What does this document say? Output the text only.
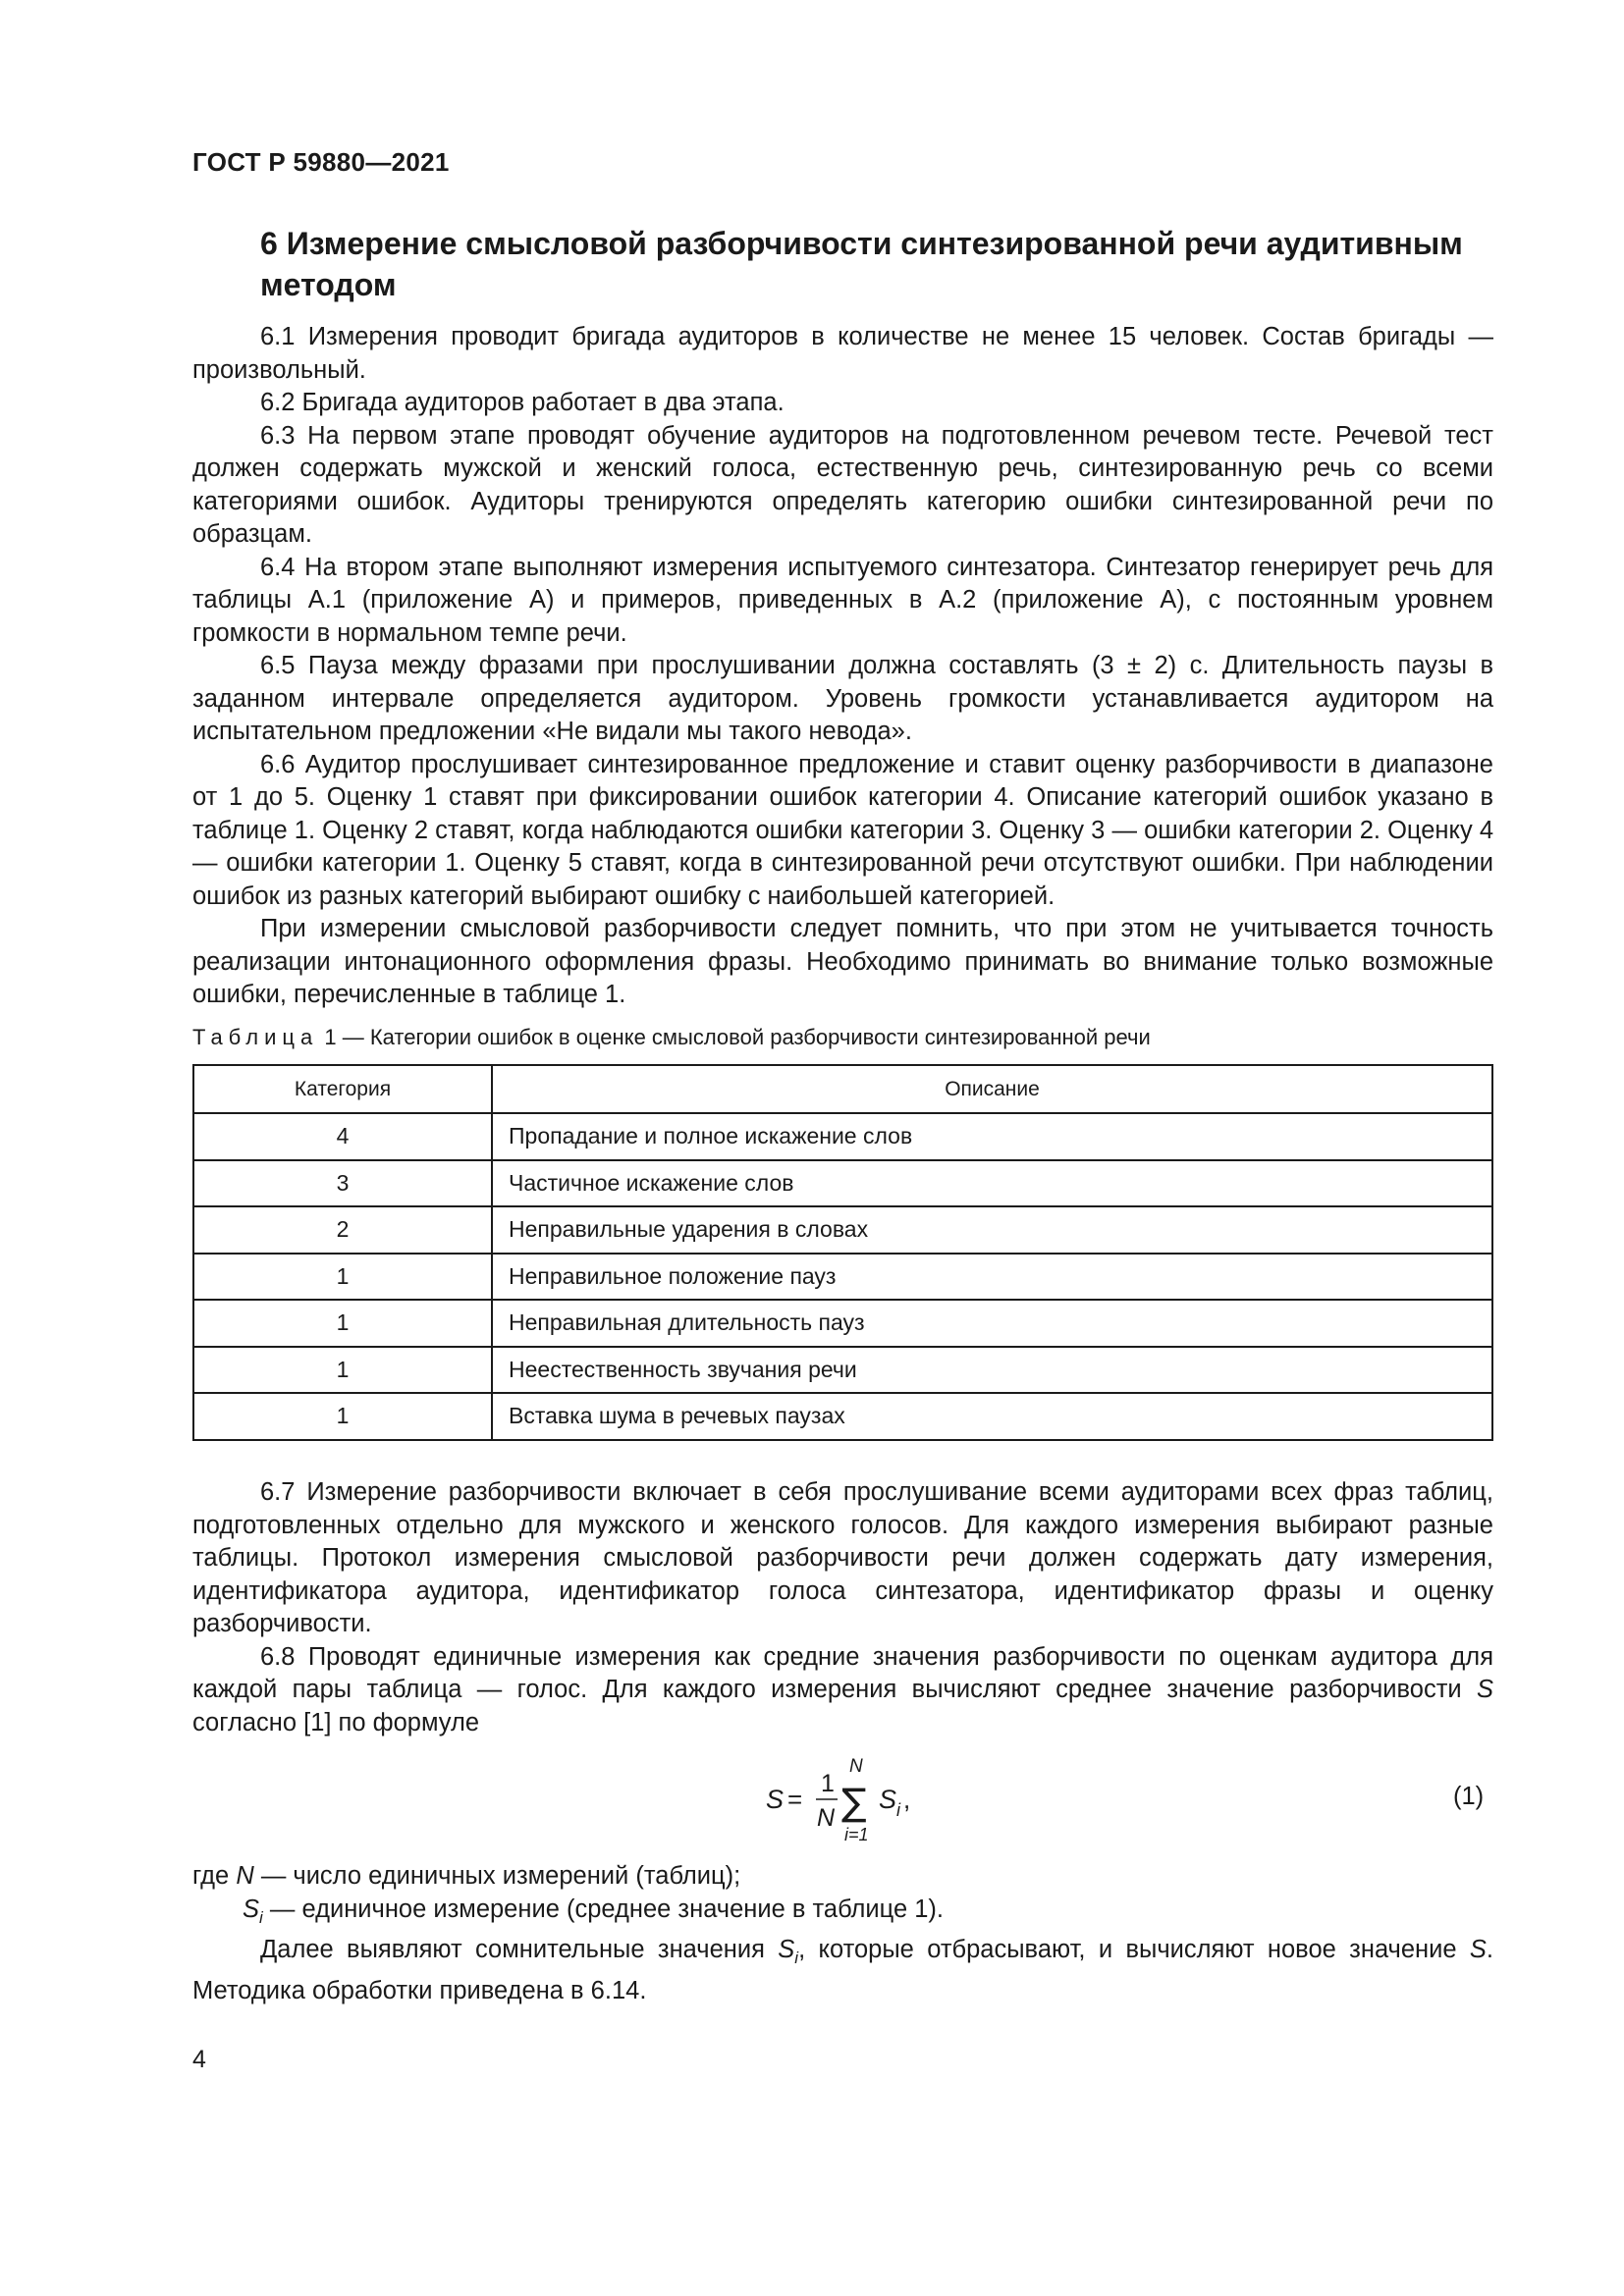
ГОСТ Р 59880—2021
6 Измерение смысловой разборчивости синтезированной речи аудитивным методом

6.1 Измерения проводит бригада аудиторов в количестве не менее 15 человек. Состав бригады — произвольный.

6.2 Бригада аудиторов работает в два этапа.

6.3 На первом этапе проводят обучение аудиторов на подготовленном речевом тесте. Речевой тест должен содержать мужской и женский голоса, естественную речь, синтезированную речь со всеми категориями ошибок. Аудиторы тренируются определять категорию ошибки синтезированной речи по образцам.

6.4 На втором этапе выполняют измерения испытуемого синтезатора. Синтезатор генерирует речь для таблицы А.1 (приложение А) и примеров, приведенных в А.2 (приложение А), с постоянным уровнем громкости в нормальном темпе речи.

6.5 Пауза между фразами при прослушивании должна составлять (3 ± 2) с. Длительность паузы в заданном интервале определяется аудитором. Уровень громкости устанавливается аудитором на испытательном предложении «Не видали мы такого невода».

6.6 Аудитор прослушивает синтезированное предложение и ставит оценку разборчивости в диапазоне от 1 до 5. Оценку 1 ставят при фиксировании ошибок категории 4. Описание категорий ошибок указано в таблице 1. Оценку 2 ставят, когда наблюдаются ошибки категории 3. Оценку 3 — ошибки категории 2. Оценку 4 — ошибки категории 1. Оценку 5 ставят, когда в синтезированной речи отсутствуют ошибки. При наблюдении ошибок из разных категорий выбирают ошибку с наибольшей категорией.

При измерении смысловой разборчивости следует помнить, что при этом не учитывается точность реализации интонационного оформления фразы. Необходимо принимать во внимание только возможные ошибки, перечисленные в таблице 1.

Таблица 1 — Категории ошибок в оценке смысловой разборчивости синтезированной речи
Категория	Описание
4	Пропадание и полное искажение слов
3	Частичное искажение слов
2	Неправильные ударения в словах
1	Неправильное положение пауз
1	Неправильная длительность пауз
1	Неестественность звучания речи
1	Вставка шума в речевых паузах

6.7 Измерение разборчивости включает в себя прослушивание всеми аудиторами всех фраз таблиц, подготовленных отдельно для мужского и женского голосов. Для каждого измерения выбирают разные таблицы. Протокол измерения смысловой разборчивости речи должен содержать дату измерения, идентификатора аудитора, идентификатор голоса синтезатора, идентификатор фразы и оценку разборчивости.

6.8 Проводят единичные измерения как средние значения разборчивости по оценкам аудитора для каждой пары таблица — голос. Для каждого измерения вычисляют среднее значение разборчивости S согласно [1] по формуле

S =
1
N
N
∑
i=1
S i ,	(1)

где N — число единичных измерений (таблиц);

$S_i$ — единичное измерение (среднее значение в таблице 1).

Далее выявляют сомнительные значения $S_i$, которые отбрасывают, и вычисляют новое значение S. Методика обработки приведена в 6.14.

4
